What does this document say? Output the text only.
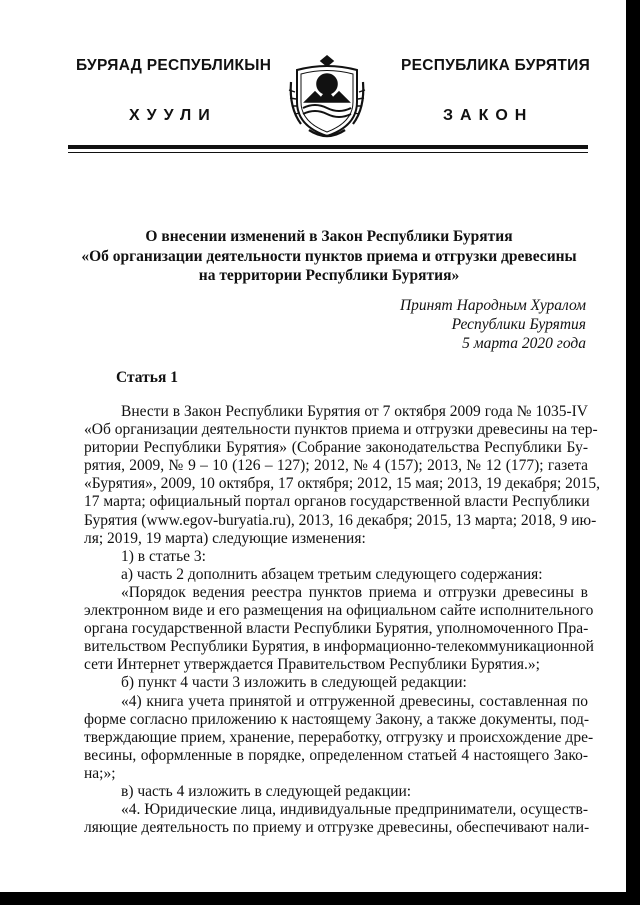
БУРЯАД РЕСПУБЛИКЫН	РЕСПУБЛИКА БУРЯТИЯ
ХУУЛИ	ЗАКОН
О внесении изменений в Закон Республики Бурятия
«Об организации деятельности пунктов приема и отгрузки древесины
на территории Республики Бурятия»
Принят Народным Хуралом
Республики Бурятия
5 марта 2020 года
Статья 1
Внести в Закон Республики Бурятия от 7 октября 2009 года № 1035-IV
«Об организации деятельности пунктов приема и отгрузки древесины на тер-
ритории Республики Бурятия» (Собрание законодательства Республики Бу-
рятия, 2009, № 9 – 10 (126 – 127); 2012, № 4 (157); 2013, № 12 (177); газета
«Бурятия», 2009, 10 октября, 17 октября; 2012, 15 мая; 2013, 19 декабря; 2015,
17 марта; официальный портал органов государственной власти Республики
Бурятия (www.egov-buryatia.ru), 2013, 16 декабря; 2015, 13 марта; 2018, 9 ию-
ля; 2019, 19 марта) следующие изменения:
1) в статье 3:
а) часть 2 дополнить абзацем третьим следующего содержания:
«Порядок ведения реестра пунктов приема и отгрузки древесины в
электронном виде и его размещения на официальном сайте исполнительного
органа государственной власти Республики Бурятия, уполномоченного Пра-
вительством Республики Бурятия, в информационно-телекоммуникационной
сети Интернет утверждается Правительством Республики Бурятия.»;
б) пункт 4 части 3 изложить в следующей редакции:
«4) книга учета принятой и отгруженной древесины, составленная по
форме согласно приложению к настоящему Закону, а также документы, под-
тверждающие прием, хранение, переработку, отгрузку и происхождение дре-
весины, оформленные в порядке, определенном статьей 4 настоящего Зако-
на;»;
в) часть 4 изложить в следующей редакции:
«4. Юридические лица, индивидуальные предприниматели, осуществ-
ляющие деятельность по приему и отгрузке древесины, обеспечивают нали-
